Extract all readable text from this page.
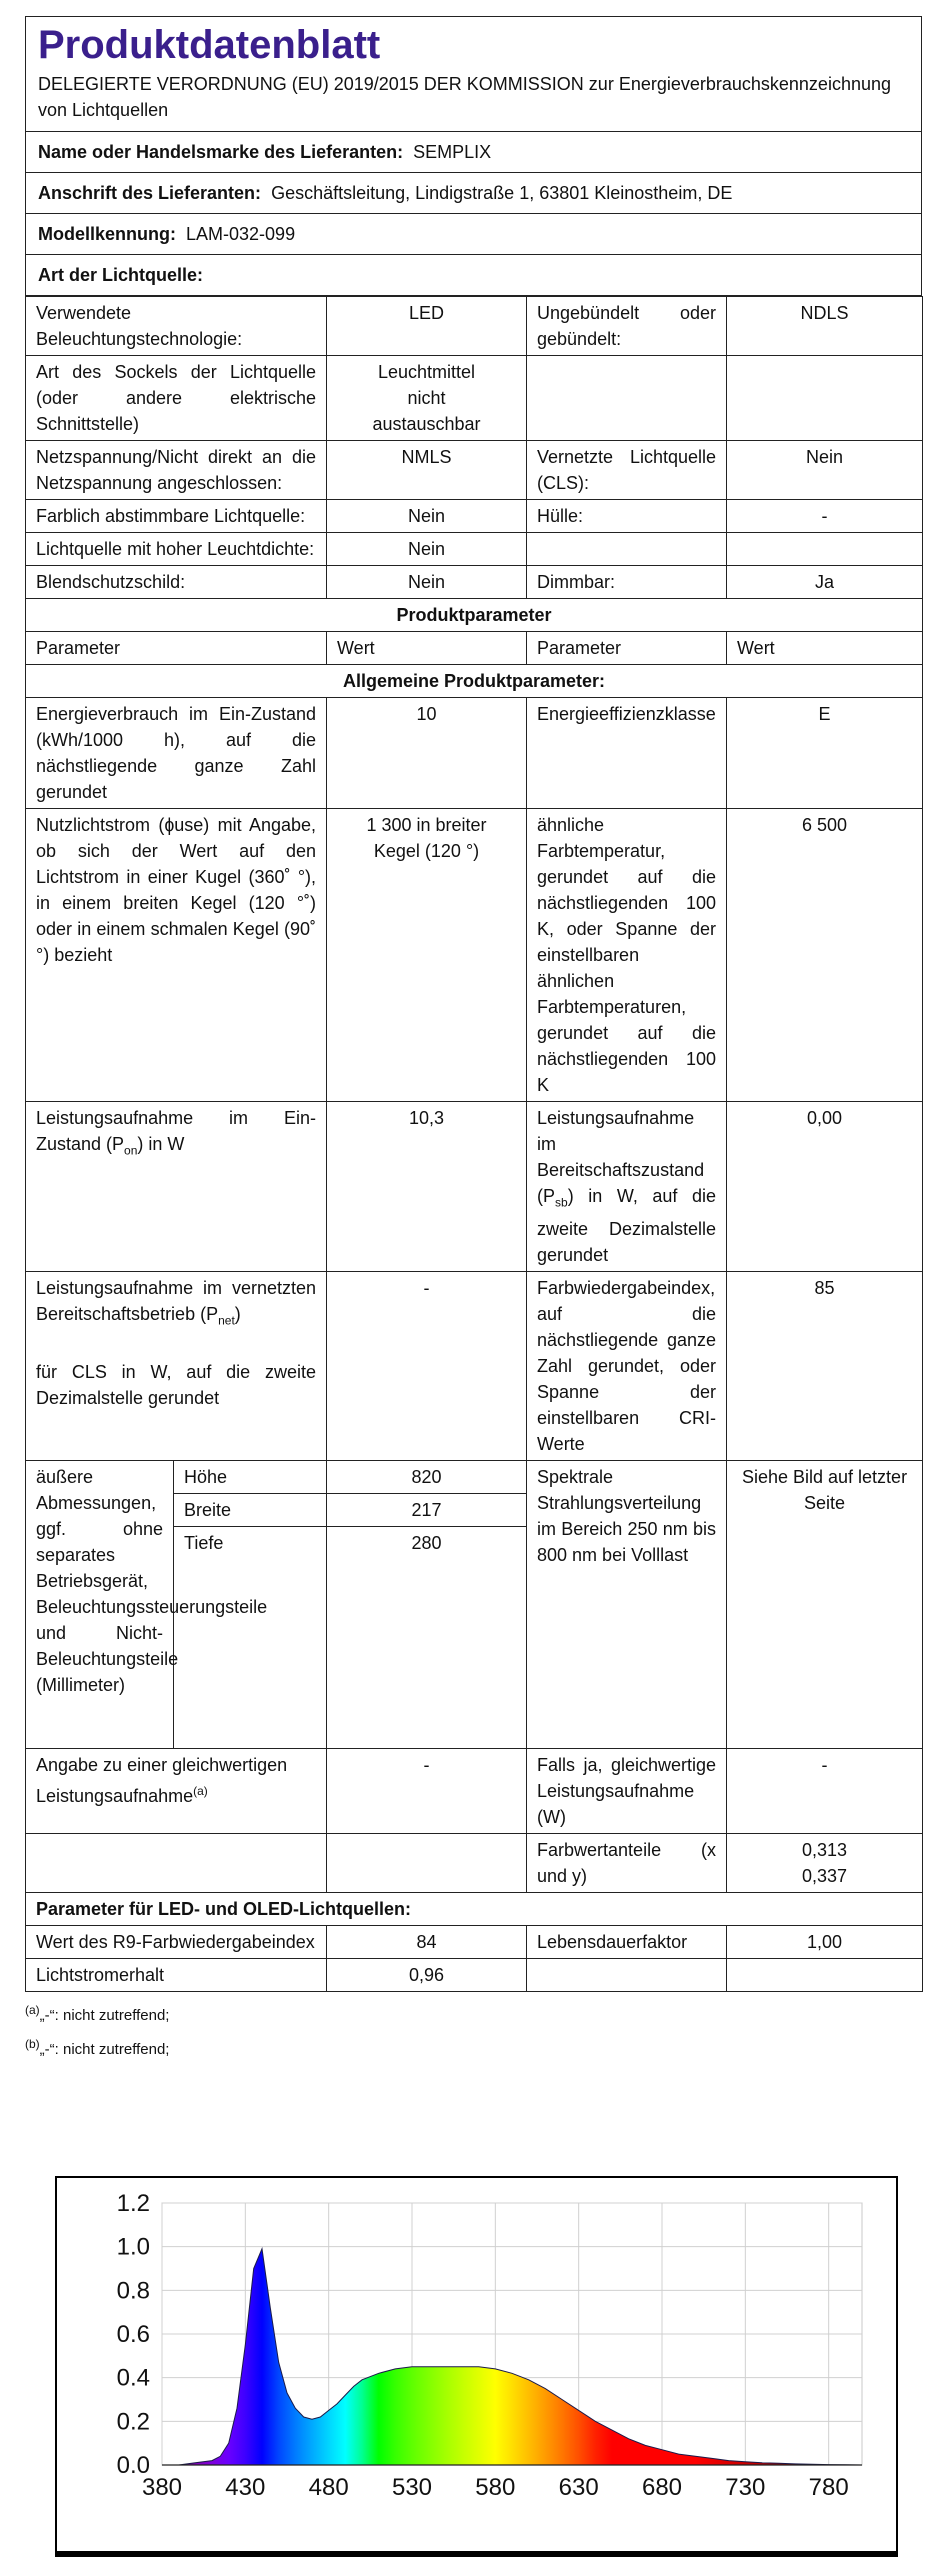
Produktdatenblatt
DELEGIERTE VERORDNUNG (EU) 2019/2015 DER KOMMISSION zur Energieverbrauchskennzeichnung von Lichtquellen
Name oder Handelsmarke des Lieferanten: SEMPLIX
Anschrift des Lieferanten: Geschäftsleitung, Lindigstraße 1, 63801 Kleinostheim, DE
Modellkennung: LAM-032-099
Art der Lichtquelle:
Verwendete Beleuchtungstechnologie:		LED	Ungebündelt oder gebündelt:	NDLS
Art des Sockels der Lichtquelle (oder andere elektrische Schnittstelle)		Leuchtmittel nicht austauschbar		
Netzspannung/Nicht direkt an die Netzspannung angeschlossen:		NMLS	Vernetzte Lichtquelle (CLS):	Nein
Farblich abstimmbare Lichtquelle:		Nein	Hülle:	-
Lichtquelle mit hoher Leuchtdichte:		Nein		
Blendschutzschild:		Nein	Dimmbar:	Ja
Produktparameter				
Parameter		Wert	Parameter	Wert
Allgemeine Produktparameter:				
Energieverbrauch im Ein-Zustand (kWh/1000 h), auf die nächstliegende ganze Zahl gerundet		10	Energieeffizienzklasse	E
Nutzlichtstrom (ɸuse) mit Angabe, ob sich der Wert auf den Lichtstrom in einer Kugel (360˚ °), in einem breiten Kegel (120 °˚) oder in einem schmalen Kegel (90˚ °) bezieht		1 300 in breiter Kegel (120 °)	ähnliche Farbtemperatur, gerundet auf die nächstliegenden 100 K, oder Spanne der einstellbaren ähnlichen Farbtemperaturen, gerundet auf die nächstliegenden 100 K	6 500
Leistungsaufnahme im Ein-Zustand $(P_{on})$ in W		10,3	Leistungsaufnahme im Bereitschaftszustand $(P_{sb})$ in W, auf die zweite Dezimalstelle gerundet	0,00
Leistungsaufnahme im vernetzten Bereitschaftsbetrieb $(P_{net})$

für CLS in W, auf die zweite Dezimalstelle gerundet		-	Farbwiedergabeindex, auf die nächstliegende ganze Zahl gerundet, oder Spanne der einstellbaren CRI-Werte	85
äußere Abmessungen, ggf. ohne separates Betriebsgerät, Beleuchtungssteuerungsteile und Nicht-Beleuchtungsteile (Millimeter)	Höhe	820	Spektrale Strahlungsverteilung im Bereich 250 nm bis 800 nm bei Volllast	Siehe Bild auf letzter Seite
	Breite	217		
	Tiefe	280		
Angabe zu einer gleichwertigen Leistungsaufnahme$^{(a)}$		-	Falls ja, gleichwertige Leistungsaufnahme (W)	-
			Farbwertanteile (x und y)	0,313
0,337
Parameter für LED- und OLED-Lichtquellen:				
Wert des R9-Farbwiedergabeindex		84	Lebensdauerfaktor	1,00
Lichtstromerhalt		0,96		
$^{(a)}$„-“: nicht zutreffend;
$^{(b)}$„-“: nicht zutreffend;
380 430 480 530 580 630 680 730 780
0.0
0.2
0.4
0.6
0.8
1.0
1.2
